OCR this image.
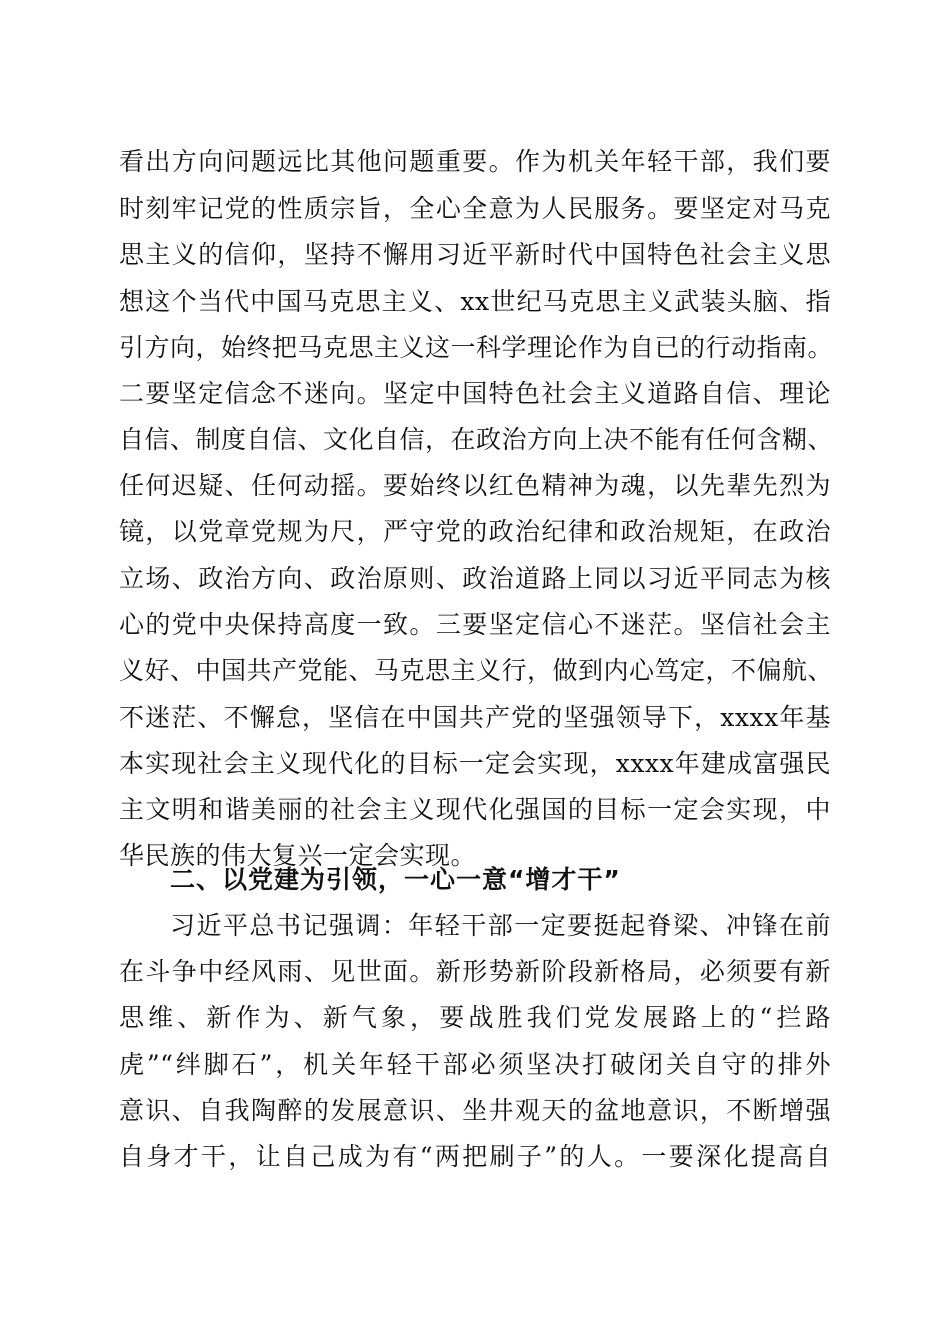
看出方向问题远比其他问题重要。作为机关年轻干部，我们要
时刻牢记党的性质宗旨，全心全意为人民服务。要坚定对马克
思主义的信仰，坚持不懈用习近平新时代中国特色社会主义思
想这个当代中国马克思主义、xx世纪马克思主义武装头脑、指
引方向，始终把马克思主义这一科学理论作为自已的行动指南。
二要坚定信念不迷向。坚定中国特色社会主义道路自信、理论
自信、制度自信、文化自信，在政治方向上决不能有任何含糊、
任何迟疑、任何动摇。要始终以红色精神为魂，以先辈先烈为
镜，以党章党规为尺，严守党的政治纪律和政治规矩，在政治
立场、政治方向、政治原则、政治道路上同以习近平同志为核
心的党中央保持高度一致。三要坚定信心不迷茫。坚信社会主
义好、中国共产党能、马克思主义行，做到内心笃定，不偏航、
不迷茫、不懈怠，坚信在中国共产党的坚强领导下，xxxx年基
本实现社会主义现代化的目标一定会实现，xxxx年建成富强民
主文明和谐美丽的社会主义现代化强国的目标一定会实现，中
华民族的伟大复兴一定会实现。
二、以党建为引领，一心一意“增才干”
习近平总书记强调：年轻干部一定要挺起脊梁、冲锋在前
在斗争中经风雨、见世面。新形势新阶段新格局，必须要有新
思维、新作为、新气象，要战胜我们党发展路上的“拦路
虎”“绊脚石”，机关年轻干部必须坚决打破闭关自守的排外
意识、自我陶醉的发展意识、坐井观天的盆地意识，不断增强
自身才干，让自己成为有“两把刷子”的人。一要深化提高自
